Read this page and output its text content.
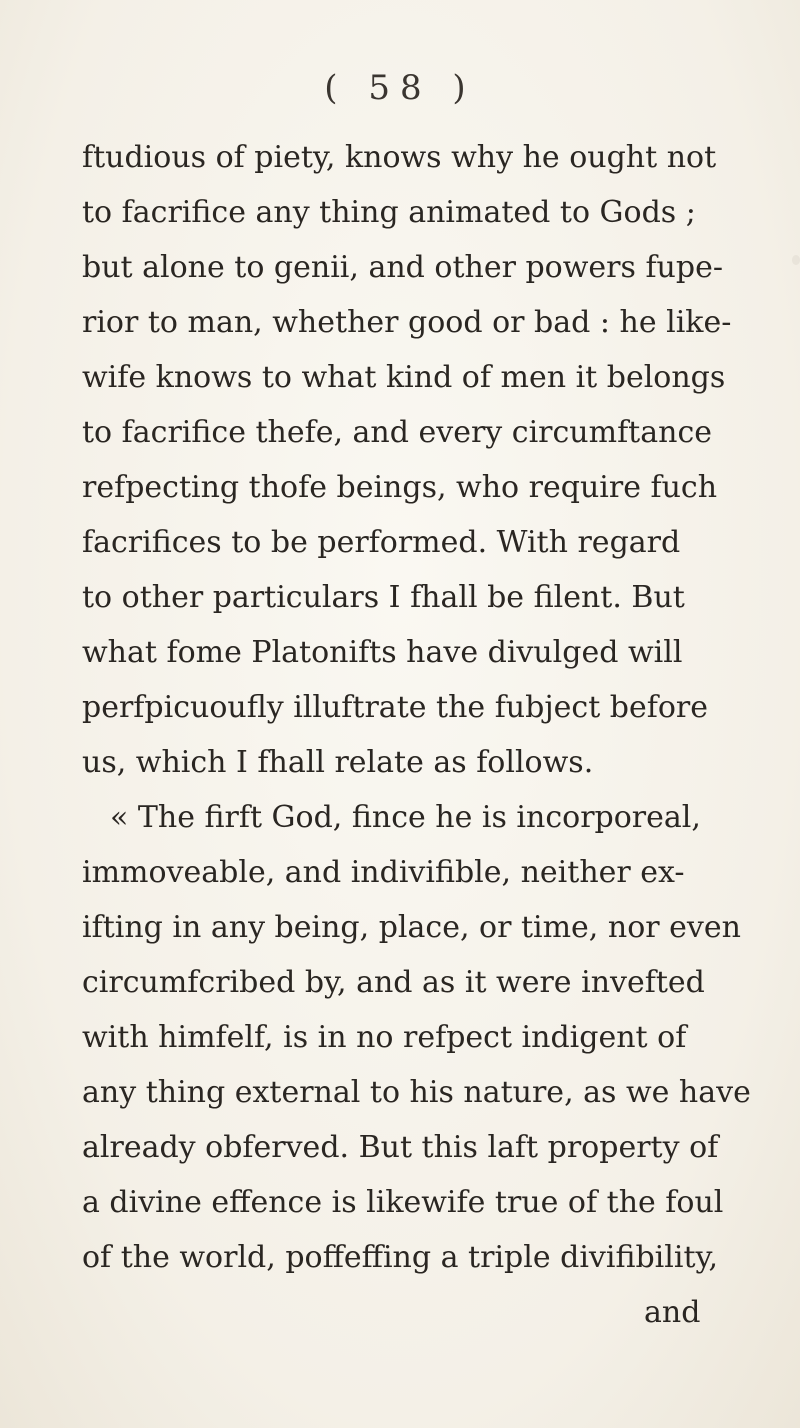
( 58 )
ftudious of piety, knows why he ought not
to facrifice any thing animated to Gods ;
but alone to genii, and other powers fupe-
rior to man, whether good or bad : he like-
wife knows to what kind of men it belongs
to facrifice thefe, and every circumftance
refpecting thofe beings, who require fuch
facrifices to be performed. With regard
to other particulars I fhall be filent. But
what fome Platonifts have divulged will
perfpicuoufly illuftrate the fubject before
us, which I fhall relate as follows.
« The firft God, fince he is incorporeal,
immoveable, and indivifible, neither ex-
ifting in any being, place, or time, nor even
circumfcribed by, and as it were invefted
with himfelf, is in no refpect indigent of
any thing external to his nature, as we have
already obferved. But this laft property of
a divine effence is likewife true of the foul
of the world, poffeffing a triple divifibility,
and
